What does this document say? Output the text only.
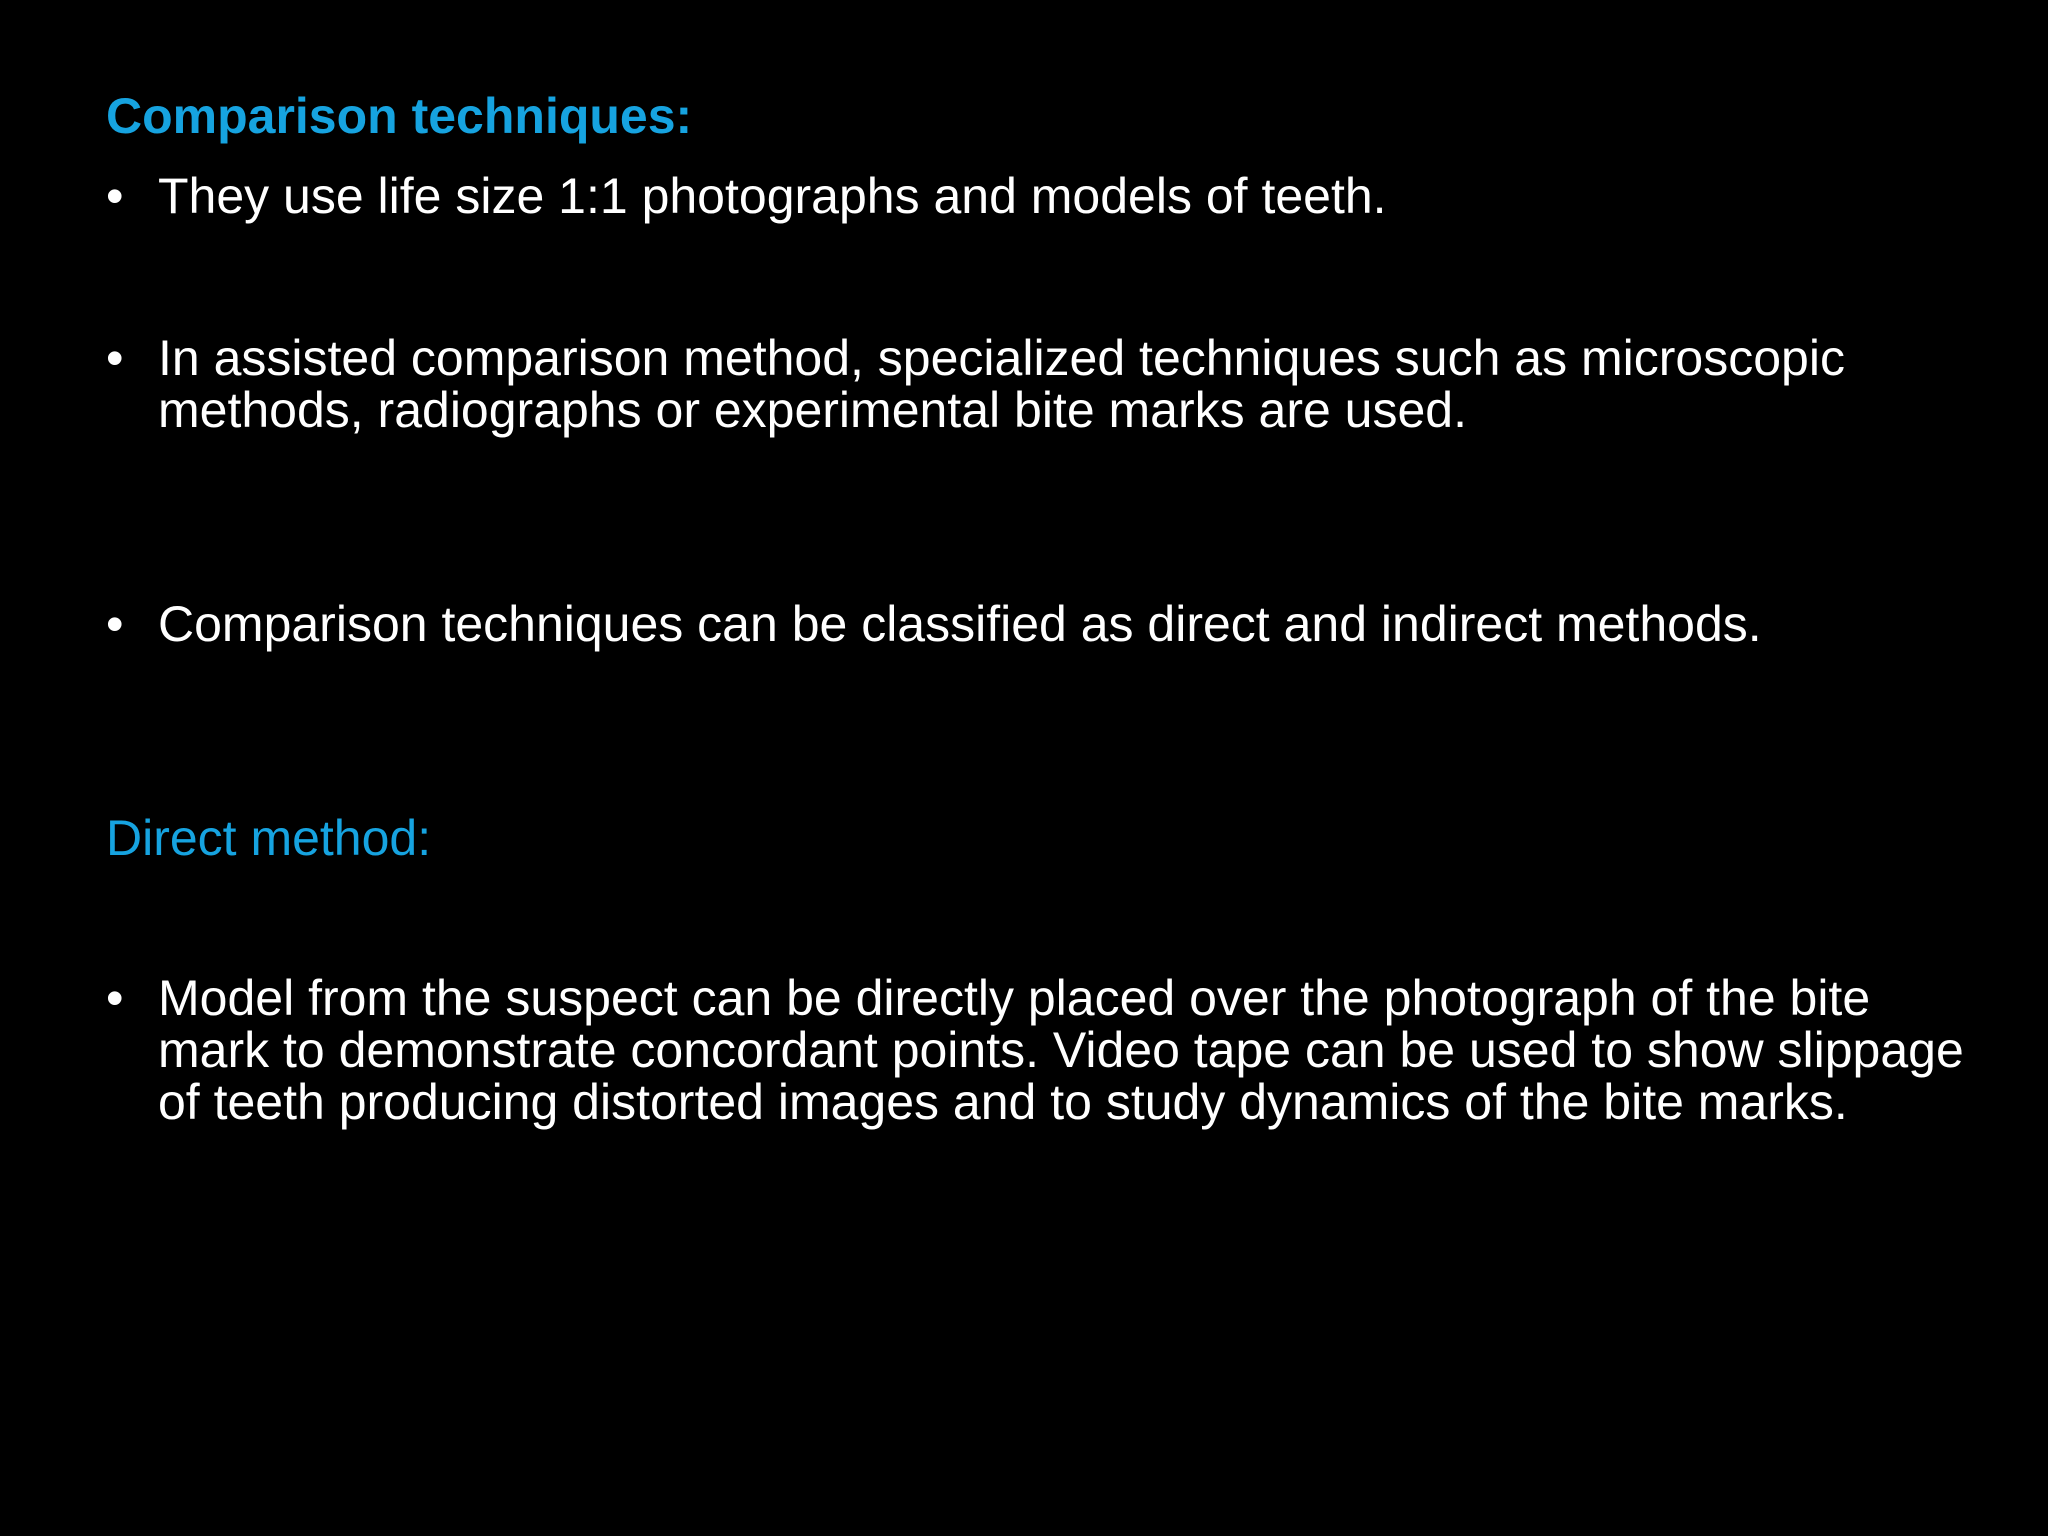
Comparison techniques:
• They use life size 1:1 photographs and models of teeth.
• In assisted comparison method, specialized techniques such as microscopic methods, radiographs or experimental bite marks are used.
• Comparison techniques can be classified as direct and indirect methods.
Direct method:
• Model from the suspect can be directly placed over the photograph of the bite mark to demonstrate concordant points. Video tape can be used to show slippage of teeth producing distorted images and to study dynamics of the bite marks.
